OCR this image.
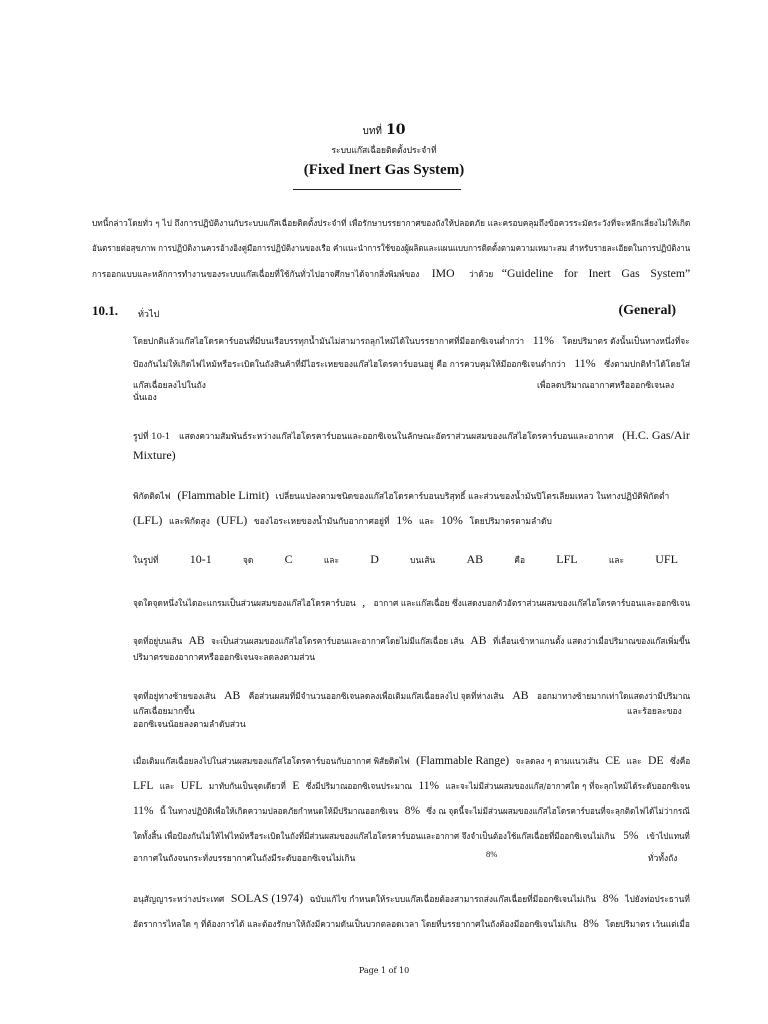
บทที่ 10
ระบบแก๊สเฉื่อยติดตั้งประจำที่
(Fixed Inert Gas System)
บทนี้กล่าวโดยทั่ว ๆ ไป ถึงการปฏิบัติงานกับระบบแก๊สเฉื่อยติดตั้งประจำที่ เพื่อรักษาบรรยากาศของถังให้ปลอดภัย และครอบคลุมถึงข้อควรระมัดระวังที่จะหลีกเลี่ยงไม่ให้เกิด
อันตรายต่อสุขภาพ การปฏิบัติงานควรอ้างอิงคู่มือการปฏิบัติงานของเรือ คำแนะนำการใช้ของผู้ผลิตและแผนแบบการติดตั้งตามความเหมาะสม สำหรับรายละเอียดในการปฏิบัติงาน
การออกแบบและหลักการทำงานของระบบแก๊สเฉื่อยที่ใช้กันทั่วไปอาจศึกษาได้จากสิ่งพิมพ์ของ IMO ว่าด้วย “Guideline for Inert Gas System”
10.1. ทั่วไป	(General)
โดยปกติแล้วแก๊สไฮโดรคาร์บอนที่มีบนเรือบรรทุกน้ำมันไม่สามารถลุกไหม้ได้ในบรรยากาศที่มีออกซิเจนต่ำกว่า 11% โดยปริมาตร ดังนั้นเป็นทางหนึ่งที่จะ
ป้องกันไม่ให้เกิดไฟไหม้หรือระเบิดในถังสินค้าที่มีไอระเหยของแก๊สไฮโดรคาร์บอนอยู่ คือ การควบคุมให้มีออกซิเจนต่ำกว่า 11% ซึ่งตามปกติทำได้โดยใส่
แก๊สเฉื่อยลงไปในถัง	เพื่อลดปริมาณอากาศหรือออกซิเจนลง
นั่นเอง
รูปที่ 10-1 แสดงความสัมพันธ์ระหว่างแก๊สไฮโดรคาร์บอนและออกซิเจนในลักษณะอัตราส่วนผสมของแก๊สไฮโดรคาร์บอนและอากาศ (H.C. Gas/Air
Mixture)
พิกัดติดไฟ (Flammable Limit) เปลี่ยนแปลงตามชนิดของแก๊สไฮโดรคาร์บอนบริสุทธิ์ และส่วนของน้ำมันปิโตรเลียมเหลว ในทางปฏิบัติพิกัดต่ำ
(LFL) และพิกัดสูง (UFL) ของไอระเหยของน้ำมันกับอากาศอยู่ที่ 1% และ 10% โดยปริมาตรตามลำดับ
ในรูปที่	10-1	จุด	C	และ	D	บนเส้น	AB	คือ	LFL	และ	UFL
จุดใดจุดหนึ่งในไดอะแกรมเป็นส่วนผสมของแก๊สไฮโดรคาร์บอน , อากาศ และแก๊สเฉื่อย ซึ่งแสดงบอกตัวอัตราส่วนผสมของแก๊สไฮโดรคาร์บอนและออกซิเจน
จุดที่อยู่บนเส้น AB จะเป็นส่วนผสมของแก๊สไฮโดรคาร์บอนและอากาศโดยไม่มีแก๊สเฉื่อย เส้น AB ที่เลื่อนเข้าหาแกนตั้ง แสดงว่าเมื่อปริมาณของแก๊สเพิ่มขึ้น
ปริมาตรของอากาศหรือออกซิเจนจะลดลงตามส่วน
จุดที่อยู่ทางซ้ายของเส้น AB คือส่วนผสมที่มีจำนวนออกซิเจนลดลงเพื่อเติมแก๊สเฉื่อยลงไป จุดที่ห่างเส้น AB ออกมาทางซ้ายมากเท่าใดแสดงว่ามีปริมาณ
แก๊สเฉื่อยมากขึ้น	และร้อยละของ
ออกซิเจนน้อยลงตามลำดับส่วน
เมื่อเติมแก๊สเฉื่อยลงไปในส่วนผสมของแก๊สไฮโดรคาร์บอนกับอากาศ พิสัยติดไฟ (Flammable Range) จะลดลง ๆ ตามแนวเส้น CE และ DE ซึ่งคือ
LFL และ UFL มาทับกันเป็นจุดเดียวที่ E ซึ่งมีปริมาณออกซิเจนประมาณ 11% และจะไม่มีส่วนผสมของแก๊ส/อากาศใด ๆ ที่จะลุกไหม้ได้ระดับออกซิเจน
11% นี้ ในทางปฏิบัติเพื่อให้เกิดความปลอดภัยกำหนดให้มีปริมาณออกซิเจน 8% ซึ่ง ณ จุดนี้จะไม่มีส่วนผสมของแก๊สไฮโดรคาร์บอนที่จะลุกติดไฟได้ไม่ว่ากรณี
ใดทั้งสิ้น เพื่อป้องกันไม่ให้ไฟไหม้หรือระเบิดในถังที่มีส่วนผสมของแก๊สไฮโดรคาร์บอนและอากาศ จึงจำเป็นต้องใช้แก๊สเฉื่อยที่มีออกซิเจนไม่เกิน 5% เข้าไปแทนที่
อากาศในถังจนกระทั่งบรรยากาศในถังมีระดับออกซิเจนไม่เกิน	8%	ทั่วทั้งถัง
อนุสัญญาระหว่างประเทศ SOLAS (1974) ฉบับแก้ไข กำหนดให้ระบบแก๊สเฉื่อยต้องสามารถส่งแก๊สเฉื่อยที่มีออกซิเจนไม่เกิน 8% ไปยังท่อประธานที่
อัตราการไหลใด ๆ ที่ต้องการได้ และต้องรักษาให้ถังมีความดันเป็นบวกตลอดเวลา โดยที่บรรยากาศในถังต้องมีออกซิเจนไม่เกิน 8% โดยปริมาตร เว้นแต่เมื่อ
Page 1 of 10
